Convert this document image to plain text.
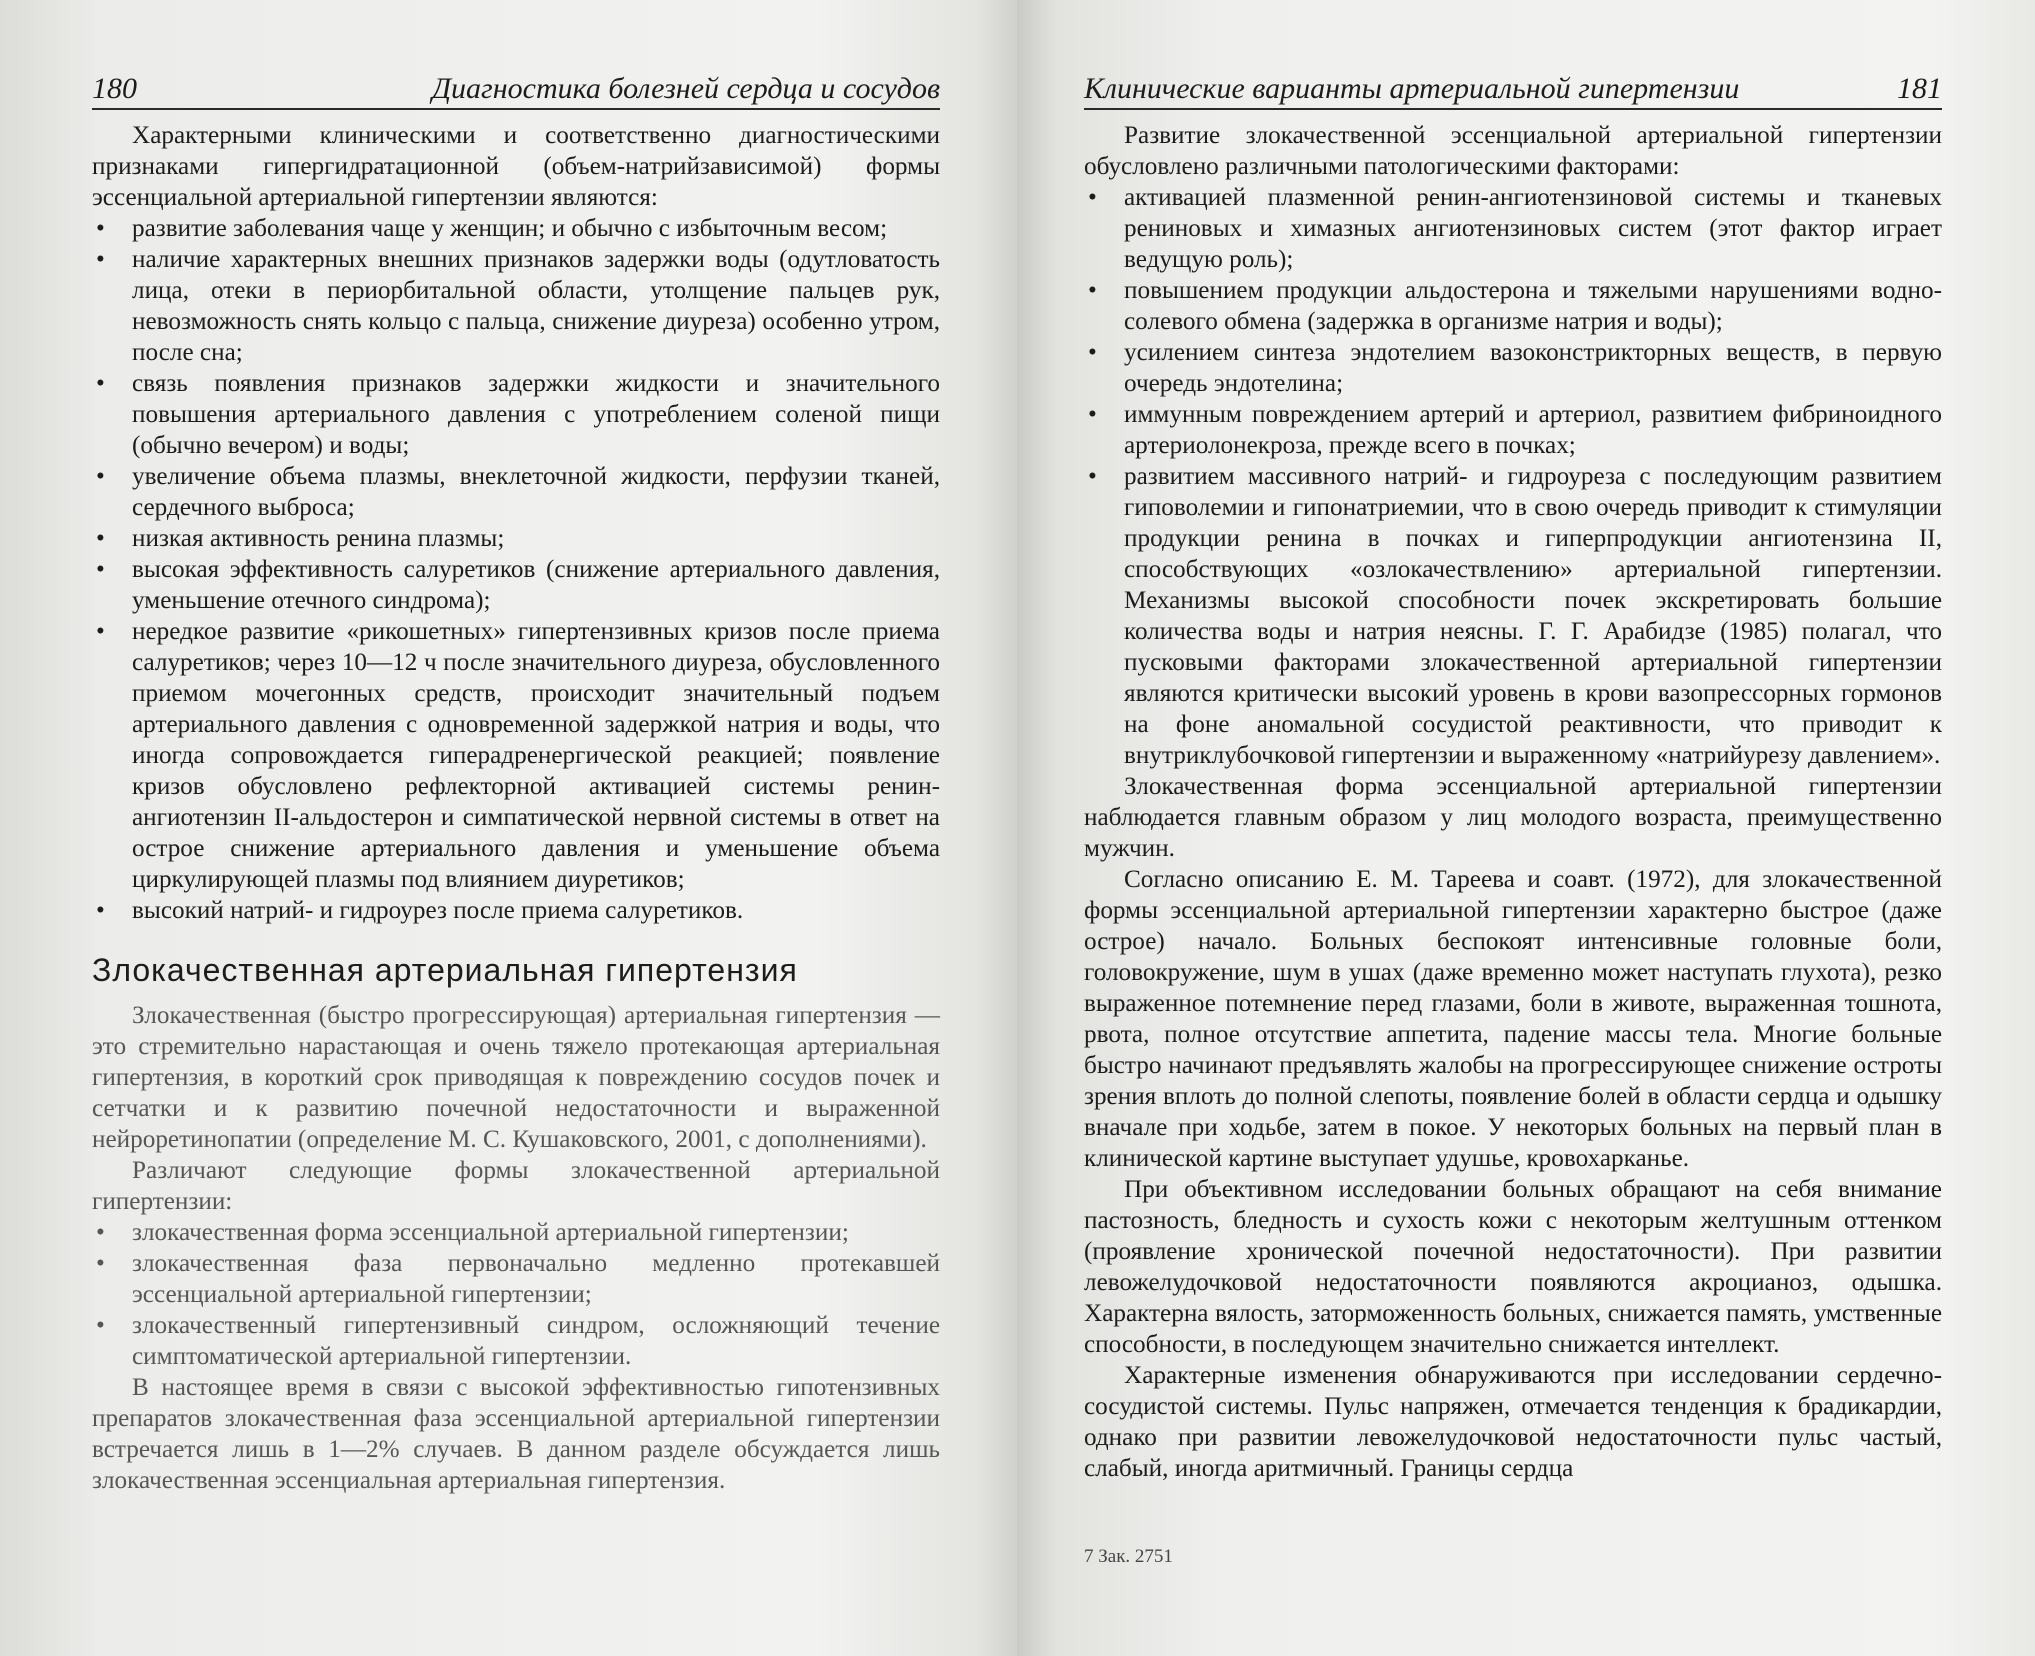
180	Диагностика болезней сердца и сосудов

Характерными клиническими и соответственно диагностическими признаками гипергидратационной (объем-натрийзависимой) формы эссенциальной артериальной гипертензии являются:

• развитие заболевания чаще у женщин; и обычно с избыточным весом;
• наличие характерных внешних признаков задержки воды (одутловатость лица, отеки в периорбитальной области, утолщение пальцев рук, невозможность снять кольцо с пальца, снижение диуреза) особенно утром, после сна;
• связь появления признаков задержки жидкости и значительного повышения артериального давления с употреблением соленой пищи (обычно вечером) и воды;
• увеличение объема плазмы, внеклеточной жидкости, перфузии тканей, сердечного выброса;
• низкая активность ренина плазмы;
• высокая эффективность салуретиков (снижение артериального давления, уменьшение отечного синдрома);
• нередкое развитие «рикошетных» гипертензивных кризов после приема салуретиков; через 10—12 ч после значительного диуреза, обусловленного приемом мочегонных средств, происходит значительный подъем артериального давления с одновременной задержкой натрия и воды, что иногда сопровождается гиперадренергической реакцией; появление кризов обусловлено рефлекторной активацией системы ренин-ангиотензин II-альдостерон и симпатической нервной системы в ответ на острое снижение артериального давления и уменьшение объема циркулирующей плазмы под влиянием диуретиков;
• высокий натрий- и гидроурез после приема салуретиков.
Злокачественная артериальная гипертензия

Злокачественная (быстро прогрессирующая) артериальная гипертензия — это стремительно нарастающая и очень тяжело протекающая артериальная гипертензия, в короткий срок приводящая к повреждению сосудов почек и сетчатки и к развитию почечной недостаточности и выраженной нейроретинопатии (определение М. С. Кушаковского, 2001, с дополнениями).

Различают следующие формы злокачественной артериальной гипертензии:

• злокачественная форма эссенциальной артериальной гипертензии;
• злокачественная фаза первоначально медленно протекавшей эссенциальной артериальной гипертензии;
• злокачественный гипертензивный синдром, осложняющий течение симптоматической артериальной гипертензии.

В настоящее время в связи с высокой эффективностью гипотензивных препаратов злокачественная фаза эссенциальной артериальной гипертензии встречается лишь в 1—2% случаев. В данном разделе обсуждается лишь злокачественная эссенциальная артериальная гипертензия.

Клинические варианты артериальной гипертензии	181

Развитие злокачественной эссенциальной артериальной гипертензии обусловлено различными патологическими факторами:

• активацией плазменной ренин-ангиотензиновой системы и тканевых рениновых и химазных ангиотензиновых систем (этот фактор играет ведущую роль);
• повышением продукции альдостерона и тяжелыми нарушениями водно-солевого обмена (задержка в организме натрия и воды);
• усилением синтеза эндотелием вазоконстрикторных веществ, в первую очередь эндотелина;
• иммунным повреждением артерий и артериол, развитием фибриноидного артериолонекроза, прежде всего в почках;
• развитием массивного натрий- и гидроуреза с последующим развитием гиповолемии и гипонатриемии, что в свою очередь приводит к стимуляции продукции ренина в почках и гиперпродукции ангиотензина II, способствующих «озлокачествлению» артериальной гипертензии. Механизмы высокой способности почек экскретировать большие количества воды и натрия неясны. Г. Г. Арабидзе (1985) полагал, что пусковыми факторами злокачественной артериальной гипертензии являются критически высокий уровень в крови вазопрессорных гормонов на фоне аномальной сосудистой реактивности, что приводит к внутриклубочковой гипертензии и выраженному «натрийурезу давлением».

Злокачественная форма эссенциальной артериальной гипертензии наблюдается главным образом у лиц молодого возраста, преимущественно мужчин.

Согласно описанию Е. М. Тареева и соавт. (1972), для злокачественной формы эссенциальной артериальной гипертензии характерно быстрое (даже острое) начало. Больных беспокоят интенсивные головные боли, головокружение, шум в ушах (даже временно может наступать глухота), резко выраженное потемнение перед глазами, боли в животе, выраженная тошнота, рвота, полное отсутствие аппетита, падение массы тела. Многие больные быстро начинают предъявлять жалобы на прогрессирующее снижение остроты зрения вплоть до полной слепоты, появление болей в области сердца и одышку вначале при ходьбе, затем в покое. У некоторых больных на первый план в клинической картине выступает удушье, кровохарканье.

При объективном исследовании больных обращают на себя внимание пастозность, бледность и сухость кожи с некоторым желтушным оттенком (проявление хронической почечной недостаточности). При развитии левожелудочковой недостаточности появляются акроцианоз, одышка. Характерна вялость, заторможенность больных, снижается память, умственные способности, в последующем значительно снижается интеллект.

Характерные изменения обнаруживаются при исследовании сердечно-сосудистой системы. Пульс напряжен, отмечается тенденция к брадикардии, однако при развитии левожелудочковой недостаточности пульс частый, слабый, иногда аритмичный. Границы сердца

7 Зак. 2751
